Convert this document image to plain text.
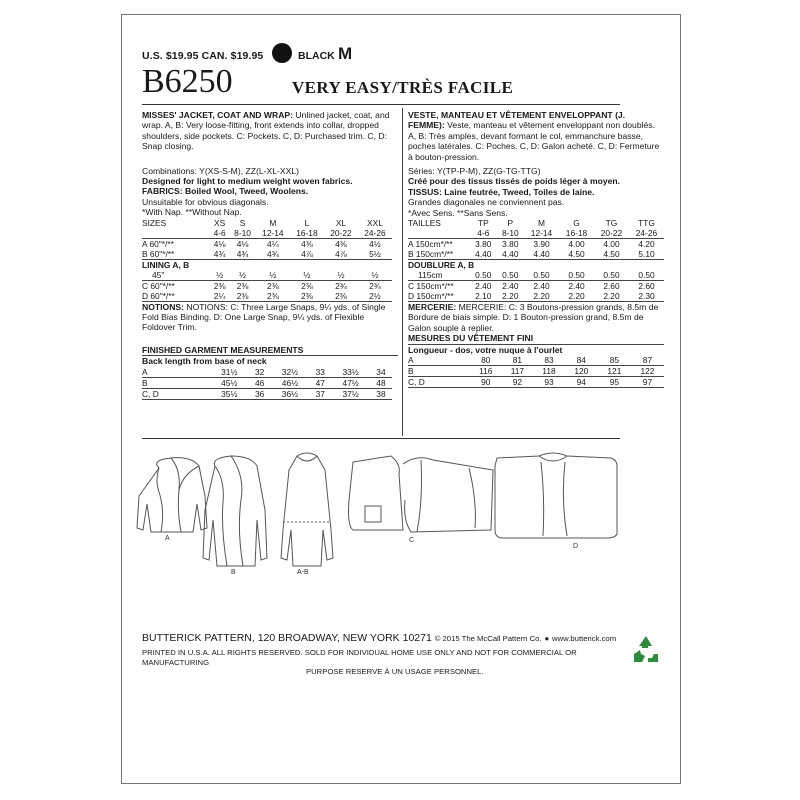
U.S. $19.95 CAN. $19.95	BLACK M
B6250	VERY EASY/TRÈS FACILE

MISSES' JACKET, COAT AND WRAP: Unlined jacket, coat, and wrap. A, B: Very loose-fitting, front extends into collar, dropped shoulders, side pockets. C: Pockets. C, D: Purchased trim. C, D: Snap closing.

Combinations: Y(XS-S-M), ZZ(L-XL-XXL)

Designed for light to medium weight woven fabrics.

FABRICS: Boiled Wool, Tweed, Woolens.

Unsuitable for obvious diagonals.

*With Nap. **Without Nap.

SIZES	XS	S	M	L	XL	XXL
	4-6	8-10	12-14	16-18	20-22	24-26
A 60"*/**	4⅛	4⅛	4¼	4⅜	4⅜	4½
B 60"*/**	4¾	4¾	4¾	4⅞	4⅞	5½
LINING A, B						
45"	½	½	½	½	½	½
C 60"*/**	2⅜	2⅜	2⅜	2⅜	2¾	2¾
D 60"*/**	2¼	2⅜	2⅜	2⅜	2⅜	2½

NOTIONS: NOTIONS: C: Three Large Snaps, 9¼ yds. of Single Fold Bias Binding. D: One Large Snap, 9¼ yds. of Flexible Foldover Trim.

FINISHED GARMENT MEASUREMENTS

Back length from base of neck

A	31½	32	32½	33	33½	34
B	45½	46	46½	47	47½	48
C, D	35½	36	36½	37	37½	38

VESTE, MANTEAU ET VÊTEMENT ENVELOPPANT (J. FEMME): Veste, manteau et vêtement enveloppant non doublés. A, B: Très amples, devant formant le col, emmanchure basse, poches latérales. C: Poches. C, D: Galon acheté. C, D: Fermeture à bouton-pression.

Séries: Y(TP-P-M), ZZ(G-TG-TTG)

Créé pour des tissus tissés de poids léger à moyen.

TISSUS: Laine feutrée, Tweed, Toiles de laine.

Grandes diagonales ne conviennent pas.

*Avec Sens. **Sans Sens.

TAILLES	TP	P	M	G	TG	TTG
	4-6	8-10	12-14	16-18	20-22	24-26
A 150cm*/**	3.80	3.80	3.90	4.00	4.00	4.20
B 150cm*/**	4.40	4.40	4.40	4.50	4.50	5.10
DOUBLURE A, B						
115cm	0.50	0.50	0.50	0.50	0.50	0.50
C 150cm*/**	2.40	2.40	2.40	2.40	2.60	2.60
D 150cm*/**	2.10	2.20	2.20	2.20	2.20	2.30

MERCERIE: MERCERIE: C: 3 Boutons-pression grands, 8.5m de Bordure de biais simple. D: 1 Bouton-pression grand, 8.5m de Galon souple à replier.

MESURES DU VÊTEMENT FINI

Longueur - dos, votre nuque à l'ourlet

A	80	81	83	84	85	87
B	116	117	118	120	121	122
C, D	90	92	93	94	95	97
A
B	A-B
C
D
BUTTERICK PATTERN, 120 BROADWAY, NEW YORK 10271 © 2015 The McCall Pattern Co. ● www.butterick.com
PRINTED IN U.S.A. ALL RIGHTS RESERVED. SOLD FOR INDIVIDUAL HOME USE ONLY AND NOT FOR COMMERCIAL OR MANUFACTURING
PURPOSE RESERVE À UN USAGE PERSONNEL.
